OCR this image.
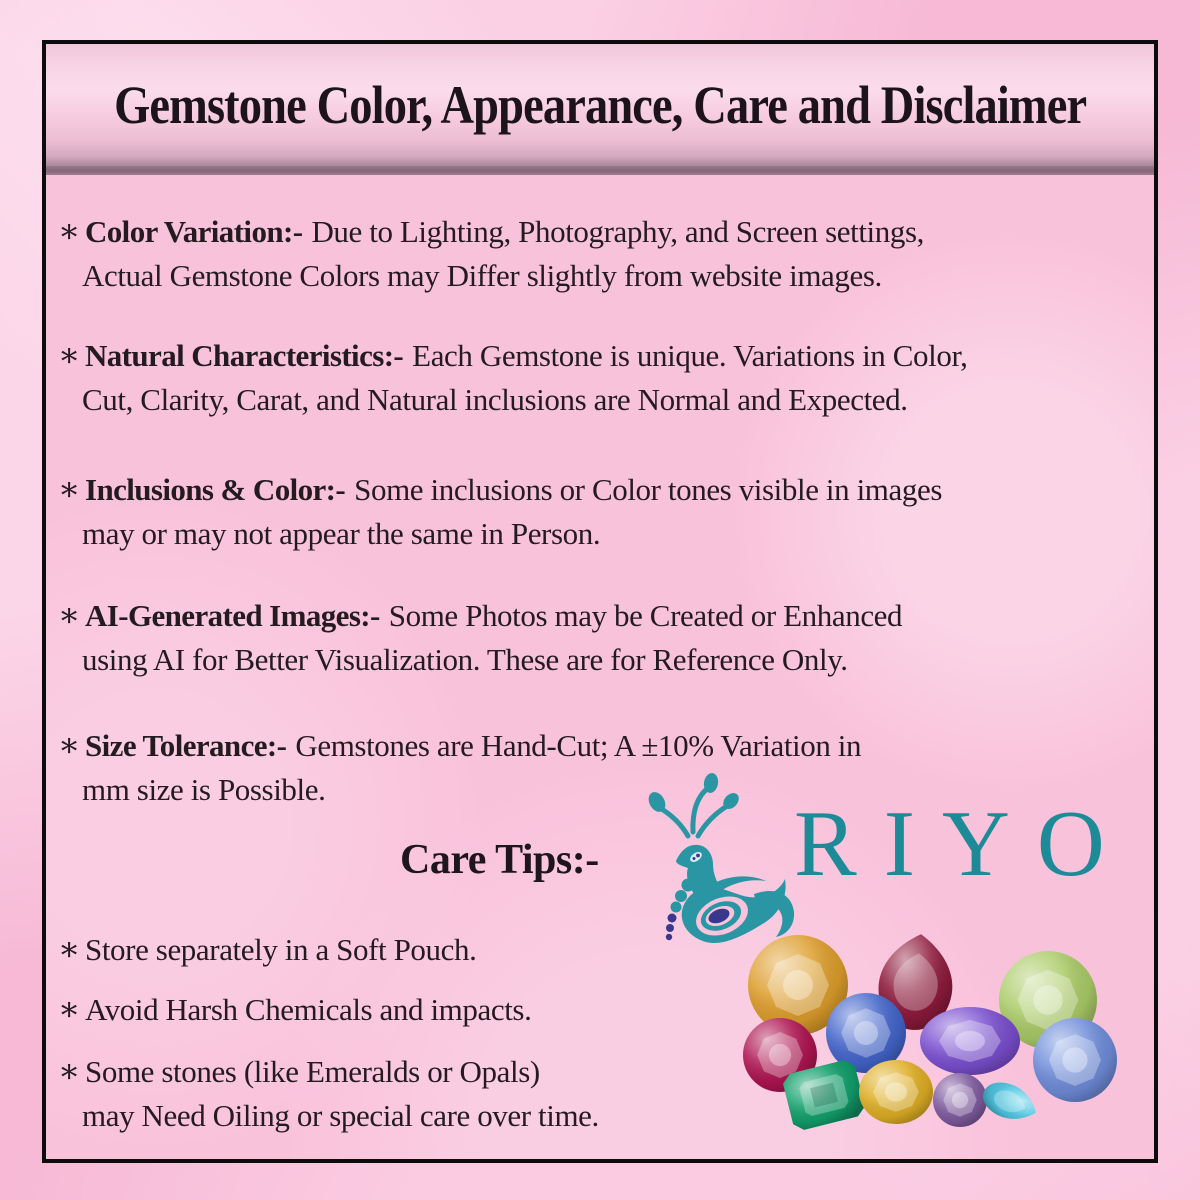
Gemstone Color, Appearance, Care and Disclaimer
∗ Color Variation:- Due to Lighting, Photography, and Screen settings,
Actual Gemstone Colors may Differ slightly from website images.
∗ Natural Characteristics:- Each Gemstone is unique. Variations in Color,
Cut, Clarity, Carat, and Natural inclusions are Normal and Expected.
∗ Inclusions & Color:- Some inclusions or Color tones visible in images
may or may not appear the same in Person.
∗ AI-Generated Images:- Some Photos may be Created or Enhanced
using AI for Better Visualization. These are for Reference Only.
∗ Size Tolerance:- Gemstones are Hand-Cut; A ±10% Variation in
mm size is Possible.
Care Tips:- RIYO
∗ Store separately in a Soft Pouch.
∗ Avoid Harsh Chemicals and impacts.
∗ Some stones (like Emeralds or Opals)
may Need Oiling or special care over time.
